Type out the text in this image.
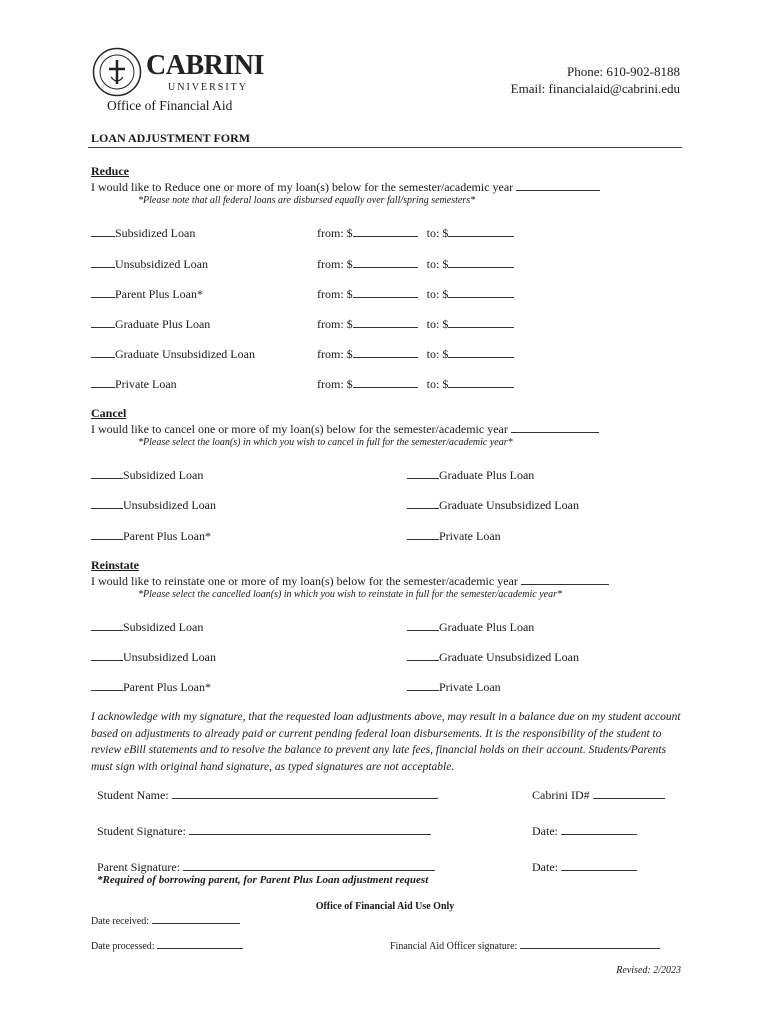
CABRINI
UNIVERSITY
Office of Financial Aid
Phone: 610-902-8188
Email: financialaid@cabrini.edu
LOAN ADJUSTMENT FORM
Reduce
I would like to Reduce one or more of my loan(s) below for the semester/academic year
*Please note that all federal loans are disbursed equally over fall/spring semesters*
Subsidized Loan	from: $	to: $
Unsubsidized Loan	from: $	to: $
Parent Plus Loan*	from: $	to: $
Graduate Plus Loan	from: $	to: $
Graduate Unsubsidized Loan	from: $	to: $
Private Loan	from: $	to: $
Cancel
I would like to cancel one or more of my loan(s) below for the semester/academic year
*Please select the loan(s) in which you wish to cancel in full for the semester/academic year*
Subsidized Loan	Graduate Plus Loan
Unsubsidized Loan	Graduate Unsubsidized Loan
Parent Plus Loan*	Private Loan
Reinstate
I would like to reinstate one or more of my loan(s) below for the semester/academic year
*Please select the cancelled loan(s) in which you wish to reinstate in full for the semester/academic year*
Subsidized Loan	Graduate Plus Loan
Unsubsidized Loan	Graduate Unsubsidized Loan
Parent Plus Loan*	Private Loan
I acknowledge with my signature, that the requested loan adjustments above, may result in a balance due on my student account based on adjustments to already paid or current pending federal loan disbursements. It is the responsibility of the student to review eBill statements and to resolve the balance to prevent any late fees, financial holds on their account. Students/Parents must sign with original hand signature, as typed signatures are not acceptable.
Student Name:	Cabrini ID#
Student Signature:	Date:
Parent Signature:	Date:
*Required of borrowing parent, for Parent Plus Loan adjustment request
Office of Financial Aid Use Only
Date received:
Date processed:	Financial Aid Officer signature:
Revised: 2/2023
